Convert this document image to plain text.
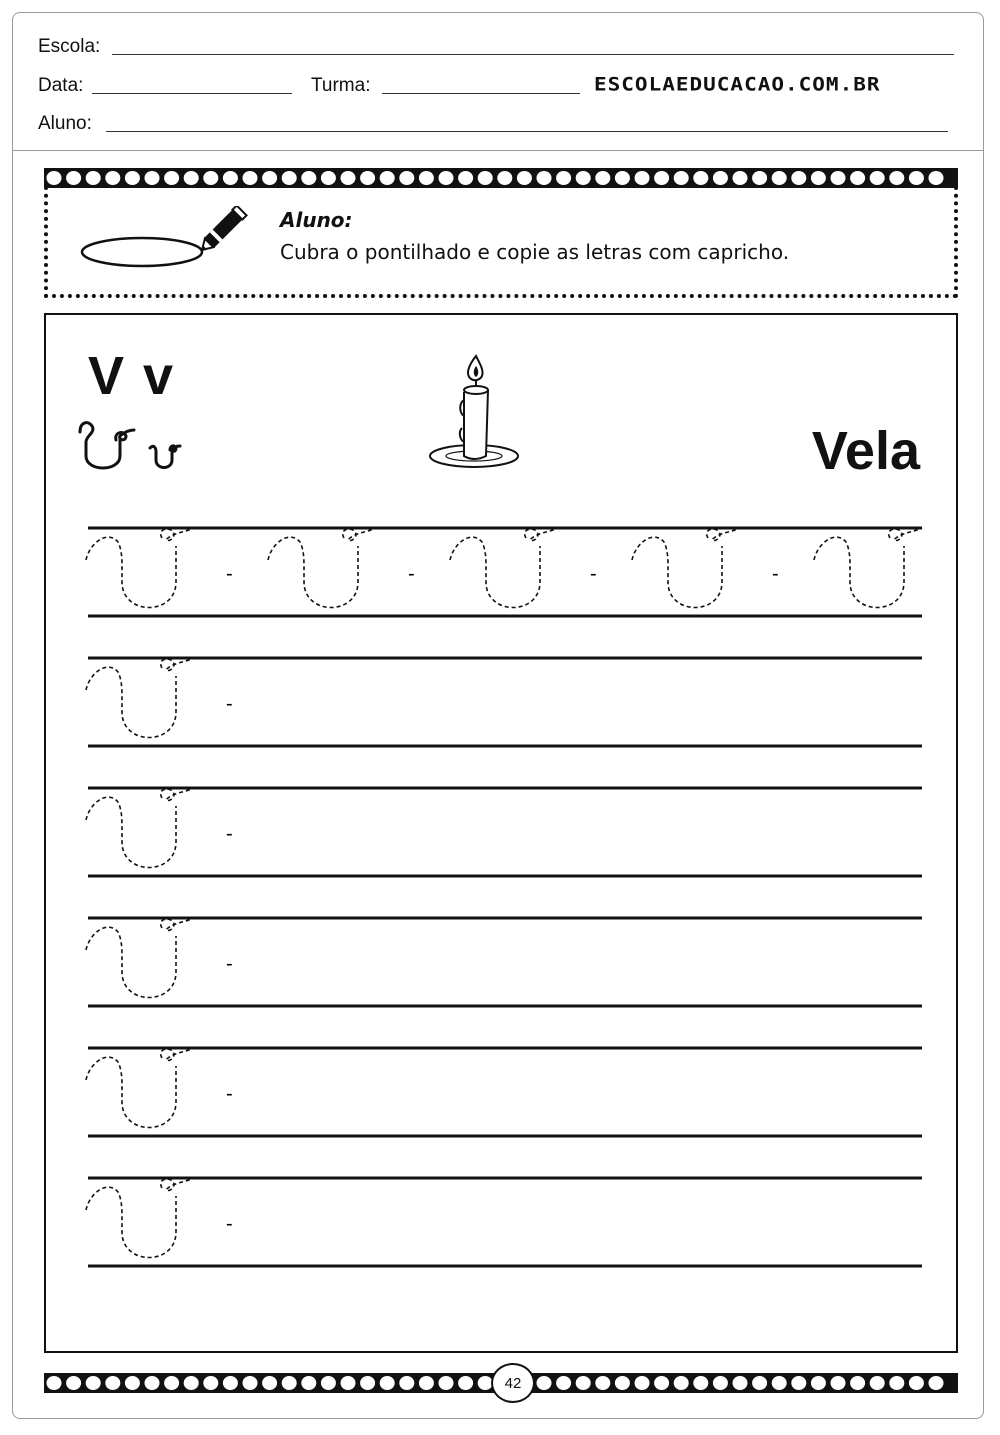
Escola:
Data:	Turma:	ESCOLAEDUCACAO.COM.BR
Aluno:
Aluno:
Cubra o pontilhado e copie as letras com capricho.
V v
Vela
-	-	-	-
-
-
-
-
-
42
